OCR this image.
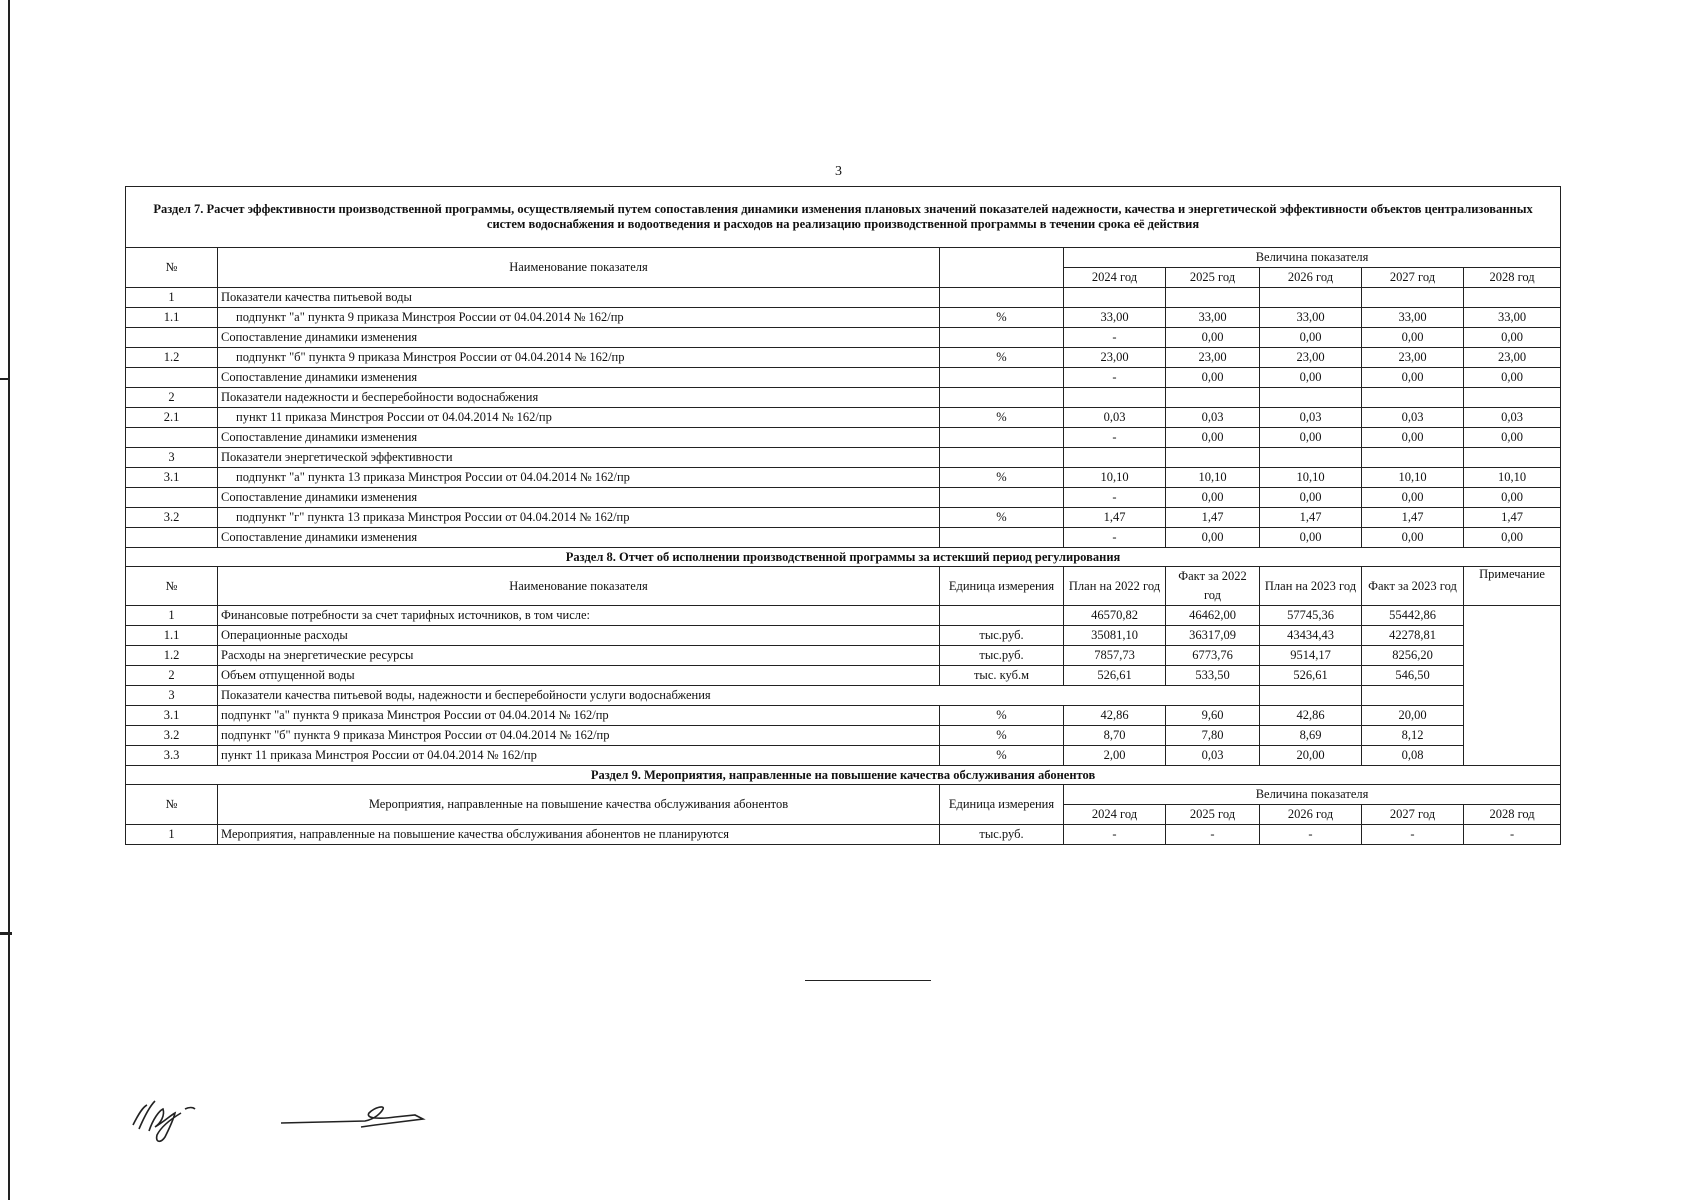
3
Раздел 7. Расчет эффективности производственной программы, осуществляемый путем сопоставления динамики изменения плановых значений показателей надежности, качества и энергетической эффективности объектов централизованных систем водоснабжения и водоотведения и расходов на реализацию производственной программы в течении срока её действия							
№	Наименование показателя		Величина показателя				
			2024 год	2025 год	2026 год	2027 год	2028 год
1	Показатели качества питьевой воды						
1.1	подпункт "а" пункта 9 приказа Минстроя России от 04.04.2014 № 162/пр	%	33,00	33,00	33,00	33,00	33,00
	Сопоставление динамики изменения		-	0,00	0,00	0,00	0,00
1.2	подпункт "б" пункта 9 приказа Минстроя России от 04.04.2014 № 162/пр	%	23,00	23,00	23,00	23,00	23,00
	Сопоставление динамики изменения		-	0,00	0,00	0,00	0,00
2	Показатели надежности и бесперебойности водоснабжения						
2.1	пункт 11 приказа Минстроя России от 04.04.2014 № 162/пр	%	0,03	0,03	0,03	0,03	0,03
	Сопоставление динамики изменения		-	0,00	0,00	0,00	0,00
3	Показатели энергетической эффективности						
3.1	подпункт "а" пункта 13 приказа Минстроя России от 04.04.2014 № 162/пр	%	10,10	10,10	10,10	10,10	10,10
	Сопоставление динамики изменения		-	0,00	0,00	0,00	0,00
3.2	подпункт "г" пункта 13 приказа Минстроя России от 04.04.2014 № 162/пр	%	1,47	1,47	1,47	1,47	1,47
	Сопоставление динамики изменения		-	0,00	0,00	0,00	0,00
Раздел 8. Отчет об исполнении производственной программы за истекший период регулирования							
№	Наименование показателя	Единица измерения	План на 2022 год	Факт за 2022 год	План на 2023 год	Факт за 2023 год	Примечание
1	Финансовые потребности за счет тарифных источников, в том числе:		46570,82	46462,00	57745,36	55442,86	
1.1	Операционные расходы	тыс.руб.	35081,10	36317,09	43434,43	42278,81	
1.2	Расходы на энергетические ресурсы	тыс.руб.	7857,73	6773,76	9514,17	8256,20	
2	Объем отпущенной воды	тыс. куб.м	526,61	533,50	526,61	546,50	
3	Показатели качества питьевой воды, надежности и бесперебойности услуги водоснабжения						
3.1	подпункт "а" пункта 9 приказа Минстроя России от 04.04.2014 № 162/пр	%	42,86	9,60	42,86	20,00	
3.2	подпункт "б" пункта 9 приказа Минстроя России от 04.04.2014 № 162/пр	%	8,70	7,80	8,69	8,12	
3.3	пункт 11 приказа Минстроя России от 04.04.2014 № 162/пр	%	2,00	0,03	20,00	0,08	
Раздел 9. Мероприятия, направленные на повышение качества обслуживания абонентов							
№	Мероприятия, направленные на повышение качества обслуживания абонентов	Единица измерения	Величина показателя				
			2024 год	2025 год	2026 год	2027 год	2028 год
1	Мероприятия, направленные на повышение качества обслуживания абонентов не планируются	тыс.руб.	-	-	-	-	-
